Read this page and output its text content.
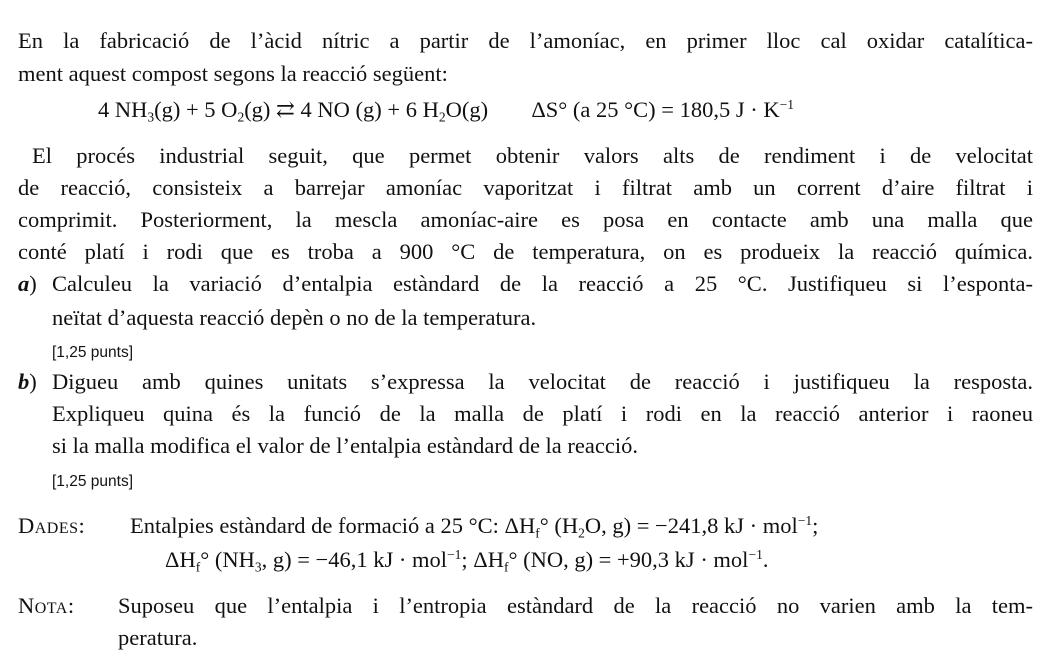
En la fabricació de l’àcid nítric a partir de l’amoníac, en primer lloc cal oxidar catalítica-
ment aquest compost segons la reacció següent:
4 $NH_3(g) + 5$ $O_2(g)$ ⇄ 4 NO (g) + 6 $H_2O(g)$ ΔS° (a 25 °C) = 180,5 $J \cdot K^{-1}$
El procés industrial seguit, que permet obtenir valors alts de rendiment i de velocitat
de reacció, consisteix a barrejar amoníac vaporitzat i filtrat amb un corrent d’aire filtrat i
comprimit. Posteriorment, la mescla amoníac-aire es posa en contacte amb una malla que
conté platí i rodi que es troba a 900 °C de temperatura, on es produeix la reacció química.
a) Calculeu la variació d’entalpia estàndard de la reacció a 25 °C. Justifiqueu si l’esponta-
neïtat d’aquesta reacció depèn o no de la temperatura.
[1,25 punts]
b) Digueu amb quines unitats s’expressa la velocitat de reacció i justifiqueu la resposta.
Expliqueu quina és la funció de la malla de platí i rodi en la reacció anterior i raoneu
si la malla modifica el valor de l’entalpia estàndard de la reacció.
[1,25 punts]
Dades: Entalpies estàndard de formació a 25 °C: $\Delta H_f^\circ$ ($H_2O$, g) = −241,8 kJ · mol$^{-1}$;
$\Delta H_f^\circ$ ($NH_3$, g) = −46,1 kJ · mol$^{-1}$; $\Delta H_f^\circ$ (NO, g) = +90,3 kJ · mol$^{-1}$.
Nota: Suposeu que l’entalpia i l’entropia estàndard de la reacció no varien amb la tem-
peratura.
